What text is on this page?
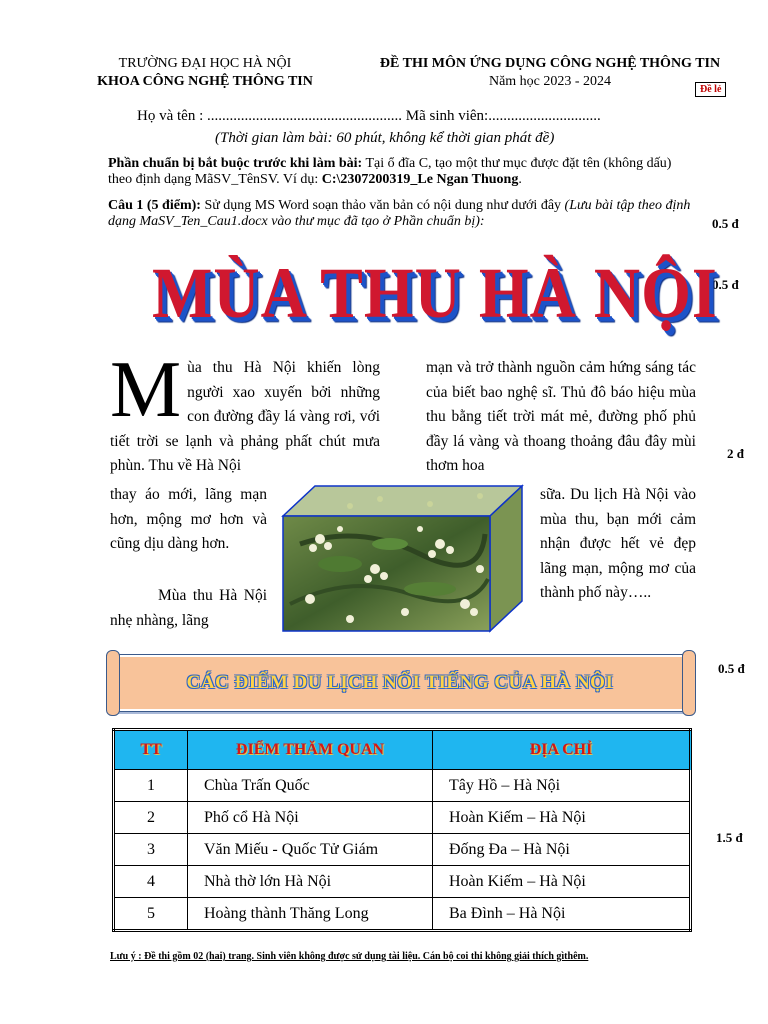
TRƯỜNG ĐẠI HỌC HÀ NỘI
KHOA CÔNG NGHỆ THÔNG TIN
ĐỀ THI MÔN ỨNG DỤNG CÔNG NGHỆ THÔNG TIN
Năm học 2023 - 2024
Đề lẻ
Họ và tên : .................................................... Mã sinh viên:..............................
(Thời gian làm bài: 60 phút, không kể thời gian phát đề)
Phần chuẩn bị bắt buộc trước khi làm bài: Tại ổ đĩa C, tạo một thư mục được đặt tên (không dấu) theo định dạng MãSV_TênSV. Ví dụ: C:\2307200319_Le Ngan Thuong.
Câu 1 (5 điểm): Sử dụng MS Word soạn thảo văn bản có nội dung như dưới đây (Lưu bài tập theo định dạng MaSV_Ten_Cau1.docx vào thư mục đã tạo ở Phần chuẩn bị):	0.5 đ
0.5 đ
2 đ
0.5 đ
1.5 đ
MÙA THU HÀ NỘI
M ùa thu Hà Nội khiến lòng người xao xuyến bởi những con đường đầy lá vàng rơi, với tiết trời se lạnh và phảng phất chút mưa phùn. Thu về Hà Nội
thay áo mới, lãng mạn hơn, mộng mơ hơn và cũng dịu dàng hơn.
Mùa thu Hà Nội nhẹ nhàng, lãng
mạn và trở thành nguồn cảm hứng sáng tác của biết bao nghệ sĩ. Thủ đô báo hiệu mùa thu bằng tiết trời mát mẻ, đường phố phủ đầy lá vàng và thoang thoảng đâu đây mùi thơm hoa
sữa. Du lịch Hà Nội vào mùa thu, bạn mới cảm nhận được hết vẻ đẹp lãng mạn, mộng mơ của thành phố này…..
CÁC ĐIỂM DU LỊCH NỔI TIẾNG CỦA HÀ NỘI
TT	ĐIỂM THĂM QUAN	ĐỊA CHỈ
1	Chùa Trấn Quốc	Tây Hồ – Hà Nội
2	Phố cổ Hà Nội	Hoàn Kiếm – Hà Nội
3	Văn Miếu - Quốc Tử Giám	Đống Đa – Hà Nội
4	Nhà thờ lớn Hà Nội	Hoàn Kiếm – Hà Nội
5	Hoàng thành Thăng Long	Ba Đình – Hà Nội
Lưu ý : Đề thi gồm 02 (hai) trang. Sinh viên không được sử dụng tài liệu. Cán bộ coi thi không giải thích gìthêm.
